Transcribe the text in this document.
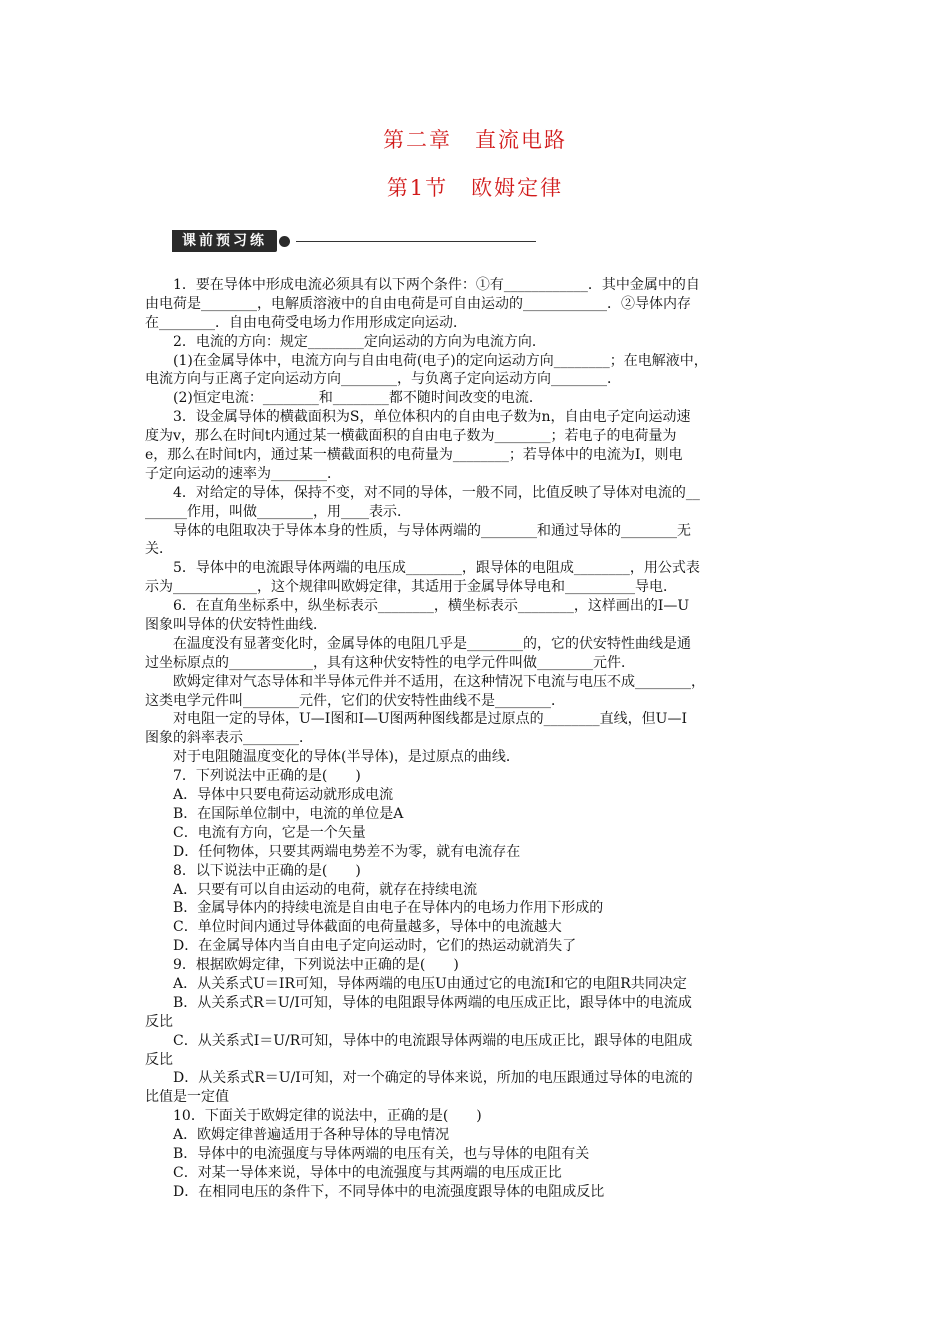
第二章　直流电路
第1节　欧姆定律
课前预习练
　　1．要在导体中形成电流必须具有以下两个条件：①有____________．其中金属中的自
由电荷是________，电解质溶液中的自由电荷是可自由运动的____________．②导体内存
在________．自由电荷受电场力作用形成定向运动．
　　2．电流的方向：规定________定向运动的方向为电流方向．
　　(1)在金属导体中，电流方向与自由电荷(电子)的定向运动方向________；在电解液中，
电流方向与正离子定向运动方向________，与负离子定向运动方向________．
　　(2)恒定电流：________和________都不随时间改变的电流．
　　3．设金属导体的横截面积为S，单位体积内的自由电子数为n，自由电子定向运动速
度为v，那么在时间t内通过某一横截面积的自由电子数为________；若电子的电荷量为
e，那么在时间t内，通过某一横截面积的电荷量为________；若导体中的电流为I，则电
子定向运动的速率为________．
　　4．对给定的导体，保持不变，对不同的导体，一般不同，比值反映了导体对电流的__
______作用，叫做________，用____表示．
　　导体的电阻取决于导体本身的性质，与导体两端的________和通过导体的________无
关．
　　5．导体中的电流跟导体两端的电压成________，跟导体的电阻成________，用公式表
示为____________，这个规律叫欧姆定律，其适用于金属导体导电和__________导电．
　　6．在直角坐标系中，纵坐标表示________，横坐标表示________，这样画出的I—U
图象叫导体的伏安特性曲线．
　　在温度没有显著变化时，金属导体的电阻几乎是________的，它的伏安特性曲线是通
过坐标原点的____________，具有这种伏安特性的电学元件叫做________元件．
　　欧姆定律对气态导体和半导体元件并不适用，在这种情况下电流与电压不成________，
这类电学元件叫________元件，它们的伏安特性曲线不是________．
　　对电阻一定的导体，U—I图和I—U图两种图线都是过原点的________直线，但U—I
图象的斜率表示________．
　　对于电阻随温度变化的导体(半导体)，是过原点的曲线．
　　7．下列说法中正确的是(　　)
　　A．导体中只要电荷运动就形成电流
　　B．在国际单位制中，电流的单位是A
　　C．电流有方向，它是一个矢量
　　D．任何物体，只要其两端电势差不为零，就有电流存在
　　8．以下说法中正确的是(　　)
　　A．只要有可以自由运动的电荷，就存在持续电流
　　B．金属导体内的持续电流是自由电子在导体内的电场力作用下形成的
　　C．单位时间内通过导体截面的电荷量越多，导体中的电流越大
　　D．在金属导体内当自由电子定向运动时，它们的热运动就消失了
　　9．根据欧姆定律，下列说法中正确的是(　　)
　　A．从关系式U＝IR可知，导体两端的电压U由通过它的电流I和它的电阻R共同决定
　　B．从关系式R＝U/I可知，导体的电阻跟导体两端的电压成正比，跟导体中的电流成
反比
　　C．从关系式I＝U/R可知，导体中的电流跟导体两端的电压成正比，跟导体的电阻成
反比
　　D．从关系式R＝U/I可知，对一个确定的导体来说，所加的电压跟通过导体的电流的
比值是一定值
　　10．下面关于欧姆定律的说法中，正确的是(　　)
　　A．欧姆定律普遍适用于各种导体的导电情况
　　B．导体中的电流强度与导体两端的电压有关，也与导体的电阻有关
　　C．对某一导体来说，导体中的电流强度与其两端的电压成正比
　　D．在相同电压的条件下，不同导体中的电流强度跟导体的电阻成反比
